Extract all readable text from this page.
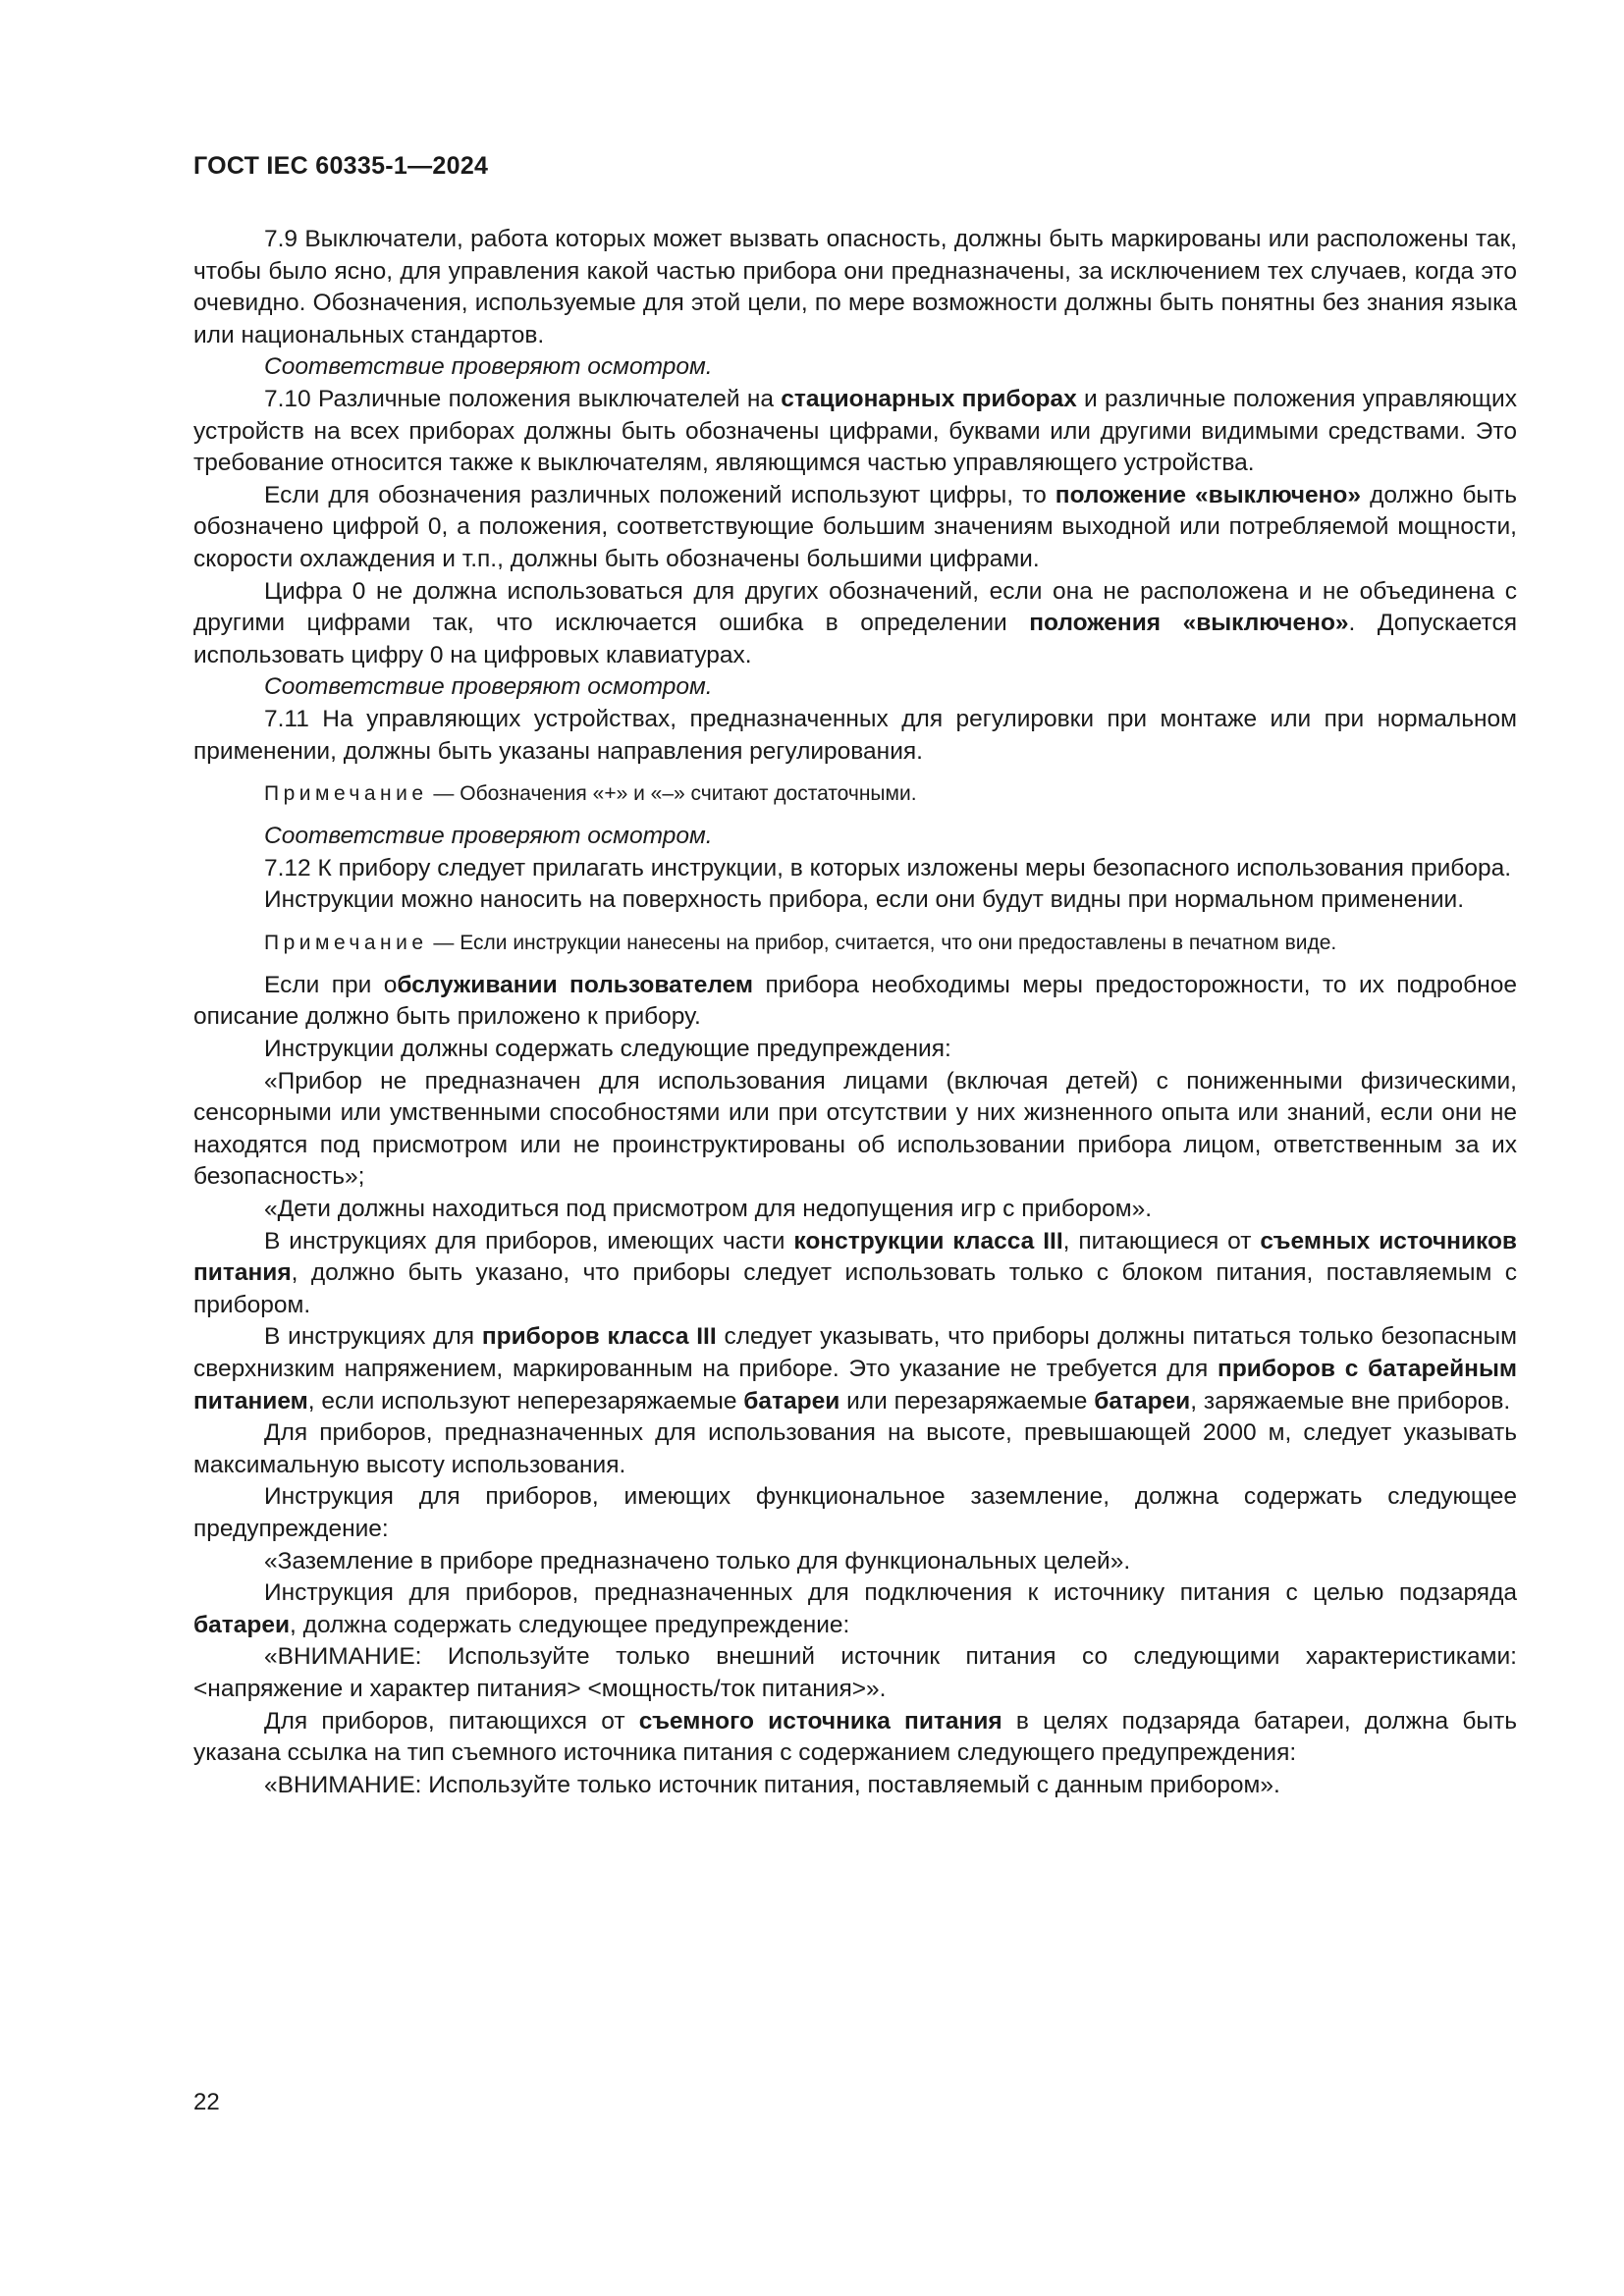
ГОСТ IEC 60335-1—2024

7.9 Выключатели, работа которых может вызвать опасность, должны быть маркированы или расположены так, чтобы было ясно, для управления какой частью прибора они предназначены, за исключением тех случаев, когда это очевидно. Обозначения, используемые для этой цели, по мере возможности должны быть понятны без знания языка или национальных стандартов.

Соответствие проверяют осмотром.

7.10 Различные положения выключателей на стационарных приборах и различные положения управляющих устройств на всех приборах должны быть обозначены цифрами, буквами или другими видимыми средствами. Это требование относится также к выключателям, являющимся частью управляющего устройства.

Если для обозначения различных положений используют цифры, то положение «выключено» должно быть обозначено цифрой 0, а положения, соответствующие большим значениям выходной или потребляемой мощности, скорости охлаждения и т.п., должны быть обозначены большими цифрами.

Цифра 0 не должна использоваться для других обозначений, если она не расположена и не объединена с другими цифрами так, что исключается ошибка в определении положения «выключено». Допускается использовать цифру 0 на цифровых клавиатурах.

Соответствие проверяют осмотром.

7.11 На управляющих устройствах, предназначенных для регулировки при монтаже или при нормальном применении, должны быть указаны направления регулирования.

Примечание — Обозначения «+» и «–» считают достаточными.

Соответствие проверяют осмотром.

7.12 К прибору следует прилагать инструкции, в которых изложены меры безопасного использования прибора.

Инструкции можно наносить на поверхность прибора, если они будут видны при нормальном применении.

Примечание — Если инструкции нанесены на прибор, считается, что они предоставлены в печатном виде.

Если при обслуживании пользователем прибора необходимы меры предосторожности, то их подробное описание должно быть приложено к прибору.

Инструкции должны содержать следующие предупреждения:

«Прибор не предназначен для использования лицами (включая детей) с пониженными физическими, сенсорными или умственными способностями или при отсутствии у них жизненного опыта или знаний, если они не находятся под присмотром или не проинструктированы об использовании прибора лицом, ответственным за их безопасность»;

«Дети должны находиться под присмотром для недопущения игр с прибором».

В инструкциях для приборов, имеющих части конструкции класса III, питающиеся от съемных источников питания, должно быть указано, что приборы следует использовать только с блоком питания, поставляемым с прибором.

В инструкциях для приборов класса III следует указывать, что приборы должны питаться только безопасным сверхнизким напряжением, маркированным на приборе. Это указание не требуется для приборов с батарейным питанием, если используют неперезаряжаемые батареи или перезаряжаемые батареи, заряжаемые вне приборов.

Для приборов, предназначенных для использования на высоте, превышающей 2000 м, следует указывать максимальную высоту использования.

Инструкция для приборов, имеющих функциональное заземление, должна содержать следующее предупреждение:

«Заземление в приборе предназначено только для функциональных целей».

Инструкция для приборов, предназначенных для подключения к источнику питания с целью подзаряда батареи, должна содержать следующее предупреждение:

«ВНИМАНИЕ: Используйте только внешний источник питания со следующими характеристиками: <напряжение и характер питания> <мощность/ток питания>».

Для приборов, питающихся от съемного источника питания в целях подзаряда батареи, должна быть указана ссылка на тип съемного источника питания с содержанием следующего предупреждения:

«ВНИМАНИЕ: Используйте только источник питания, поставляемый с данным прибором».

22
